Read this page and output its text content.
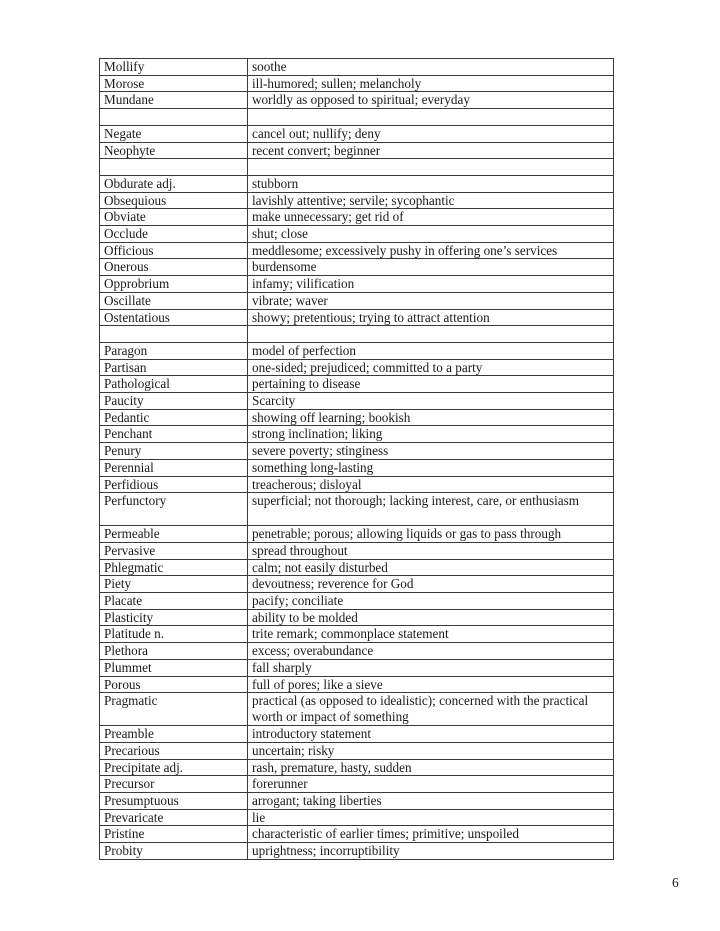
Mollify	soothe
Morose	ill-humored; sullen; melancholy
Mundane	worldly as opposed to spiritual; everyday

Negate	cancel out; nullify; deny
Neophyte	recent convert; beginner

Obdurate adj.	stubborn
Obsequious	lavishly attentive; servile; sycophantic
Obviate	make unnecessary; get rid of
Occlude	shut; close
Officious	meddlesome; excessively pushy in offering one’s services
Onerous	burdensome
Opprobrium	infamy; vilification
Oscillate	vibrate; waver
Ostentatious	showy; pretentious; trying to attract attention

Paragon	model of perfection
Partisan	one-sided; prejudiced; committed to a party
Pathological	pertaining to disease
Paucity	Scarcity
Pedantic	showing off learning; bookish
Penchant	strong inclination; liking
Penury	severe poverty; stinginess
Perennial	something long-lasting
Perfidious	treacherous; disloyal
Perfunctory	superficial; not thorough; lacking interest, care, or enthusiasm
Permeable	penetrable; porous; allowing liquids or gas to pass through
Pervasive	spread throughout
Phlegmatic	calm; not easily disturbed
Piety	devoutness; reverence for God
Placate	pacify; conciliate
Plasticity	ability to be molded
Platitude n.	trite remark; commonplace statement
Plethora	excess; overabundance
Plummet	fall sharply
Porous	full of pores; like a sieve
Pragmatic	practical (as opposed to idealistic); concerned with the practical worth or impact of something
Preamble	introductory statement
Precarious	uncertain; risky
Precipitate adj.	rash, premature, hasty, sudden
Precursor	forerunner
Presumptuous	arrogant; taking liberties
Prevaricate	lie
Pristine	characteristic of earlier times; primitive; unspoiled
Probity	uprightness; incorruptibility
6
